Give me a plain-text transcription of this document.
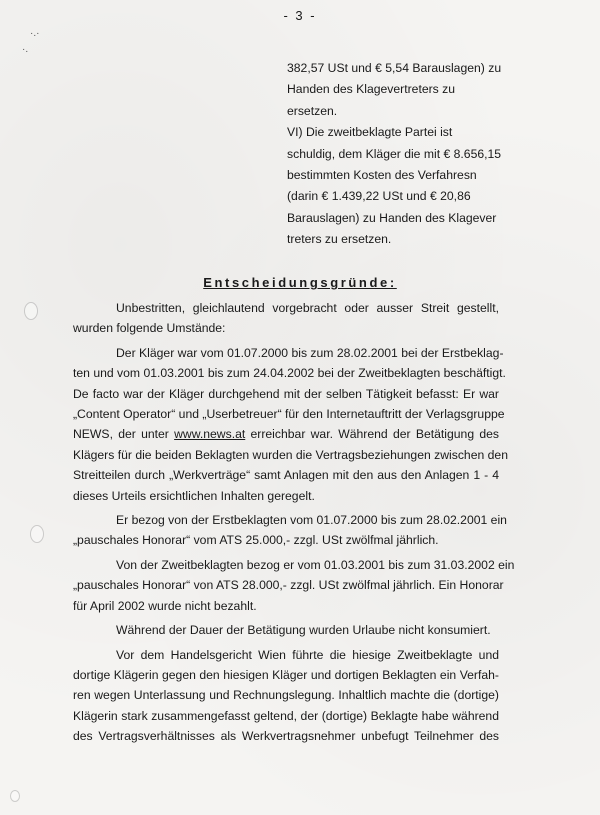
- 3 -
·.·
·.

382,57 USt und € 5,54 Barauslagen) zu

Handen des Klagevertreters zu

ersetzen.

VI) Die zweitbeklagte Partei ist

schuldig, dem Kläger die mit € 8.656,15

bestimmten Kosten des Verfahresn

(darin € 1.439,22 USt und € 20,86

Barauslagen) zu Handen des Klagever

treters zu ersetzen.

Entscheidungsgründe:

Unbestritten, gleichlautend vorgebracht oder ausser Streit gestellt,
wurden folgende Umstände:

Der Kläger war vom 01.07.2000 bis zum 28.02.2001 bei der Erstbeklag-
ten und vom 01.03.2001 bis zum 24.04.2002 bei der Zweitbeklagten beschäftigt.
De facto war der Kläger durchgehend mit der selben Tätigkeit befasst: Er war
„Content Operator“ und „Userbetreuer“ für den Internetauftritt der Verlagsgruppe
NEWS, der unter www.news.at erreichbar war. Während der Betätigung des
Klägers für die beiden Beklagten wurden die Vertragsbeziehungen zwischen den
Streitteilen durch „Werkverträge“ samt Anlagen mit den aus den Anlagen 1 - 4
dieses Urteils ersichtlichen Inhalten geregelt.

Er bezog von der Erstbeklagten vom 01.07.2000 bis zum 28.02.2001 ein
„pauschales Honorar“ vom ATS 25.000,- zzgl. USt zwölfmal jährlich.

Von der Zweitbeklagten bezog er vom 01.03.2001 bis zum 31.03.2002 ein
„pauschales Honorar“ von ATS 28.000,- zzgl. USt zwölfmal jährlich. Ein Honorar
für April 2002 wurde nicht bezahlt.

Während der Dauer der Betätigung wurden Urlaube nicht konsumiert.

Vor dem Handelsgericht Wien führte die hiesige Zweitbeklagte und
dortige Klägerin gegen den hiesigen Kläger und dortigen Beklagten ein Verfah-
ren wegen Unterlassung und Rechnungslegung. Inhaltlich machte die (dortige)
Klägerin stark zusammengefasst geltend, der (dortige) Beklagte habe während
des Vertragsverhältnisses als Werkvertragsnehmer unbefugt Teilnehmer des
